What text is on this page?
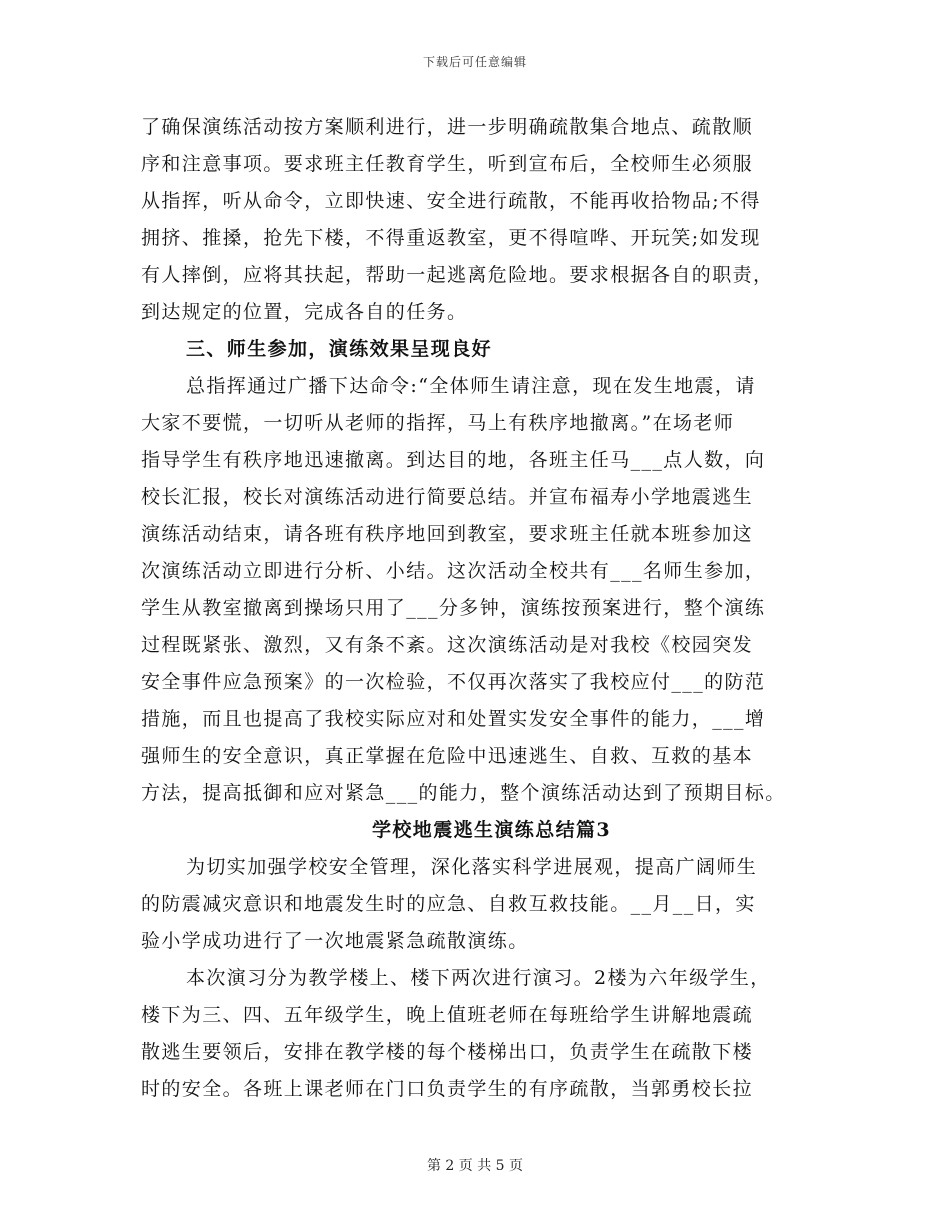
下载后可任意编辑
了确保演练活动按方案顺利进行，进一步明确疏散集合地点、疏散顺
序和注意事项。要求班主任教育学生，听到宣布后，全校师生必须服
从指挥，听从命令，立即快速、安全进行疏散，不能再收拾物品;不得
拥挤、推搡，抢先下楼，不得重返教室，更不得喧哗、开玩笑;如发现
有人摔倒，应将其扶起，帮助一起逃离危险地。要求根据各自的职责，
到达规定的位置，完成各自的任务。
三、师生参加，演练效果呈现良好
总指挥通过广播下达命令:“全体师生请注意，现在发生地震，请
大家不要慌，一切听从老师的指挥，马上有秩序地撤离。”在场老师
指导学生有秩序地迅速撤离。到达目的地，各班主任马___点人数，向
校长汇报，校长对演练活动进行简要总结。并宣布福寿小学地震逃生
演练活动结束，请各班有秩序地回到教室，要求班主任就本班参加这
次演练活动立即进行分析、小结。这次活动全校共有___名师生参加，
学生从教室撤离到操场只用了___分多钟，演练按预案进行，整个演练
过程既紧张、激烈，又有条不紊。这次演练活动是对我校《校园突发
安全事件应急预案》的一次检验，不仅再次落实了我校应付___的防范
措施，而且也提高了我校实际应对和处置实发安全事件的能力，___增
强师生的安全意识，真正掌握在危险中迅速逃生、自救、互救的基本
方法，提高抵御和应对紧急___的能力，整个演练活动达到了预期目标。
学校地震逃生演练总结篇3
为切实加强学校安全管理，深化落实科学进展观，提高广阔师生
的防震减灾意识和地震发生时的应急、自救互救技能。__月__日，实
验小学成功进行了一次地震紧急疏散演练。
本次演习分为教学楼上、楼下两次进行演习。2楼为六年级学生，
楼下为三、四、五年级学生，晚上值班老师在每班给学生讲解地震疏
散逃生要领后，安排在教学楼的每个楼梯出口，负责学生在疏散下楼
时的安全。各班上课老师在门口负责学生的有序疏散，当郭勇校长拉
第 2 页 共 5 页
